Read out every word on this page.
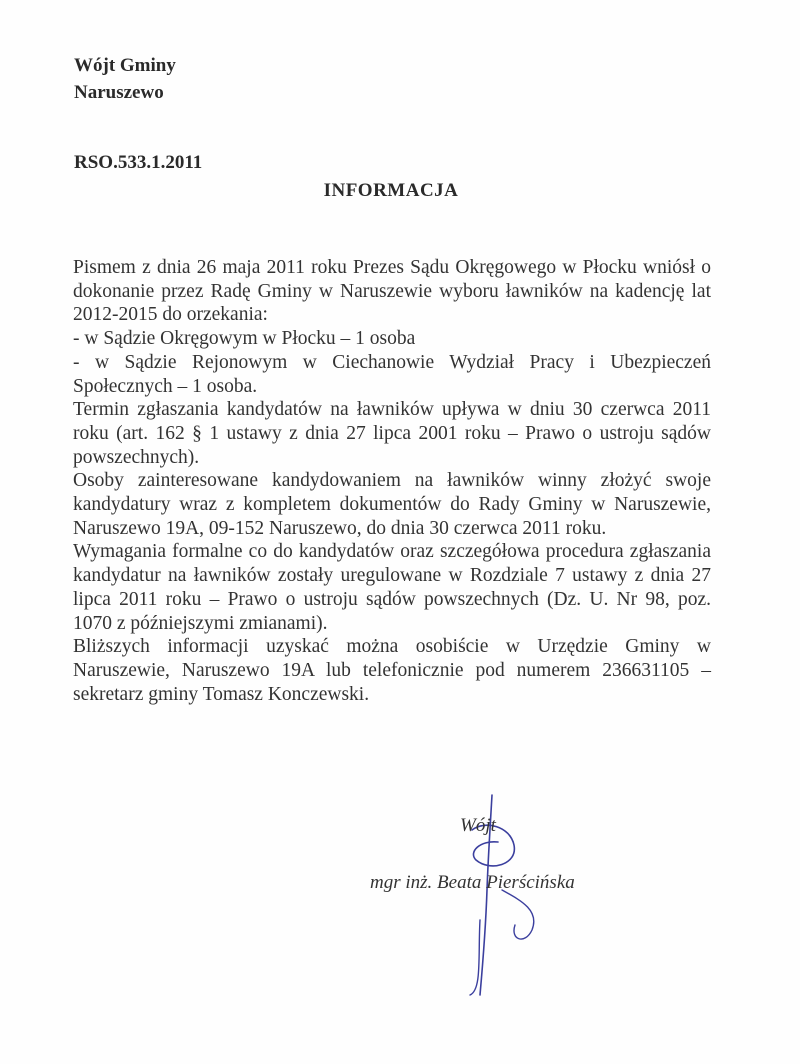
Wójt Gminy
Naruszewo
RSO.533.1.2011
INFORMACJA

Pismem z dnia 26 maja 2011 roku Prezes Sądu Okręgowego w Płocku wniósł o dokonanie przez Radę Gminy w Naruszewie wyboru ławników na kadencję lat 2012-2015 do orzekania:

- w Sądzie Okręgowym w Płocku – 1 osoba

- w Sądzie Rejonowym w Ciechanowie Wydział Pracy i Ubezpieczeń Społecznych – 1 osoba.

Termin zgłaszania kandydatów na ławników upływa w dniu 30 czerwca 2011 roku (art. 162 § 1 ustawy z dnia 27 lipca 2001 roku – Prawo o ustroju sądów powszechnych).

Osoby zainteresowane kandydowaniem na ławników winny złożyć swoje kandydatury wraz z kompletem dokumentów do Rady Gminy w Naruszewie, Naruszewo 19A, 09-152 Naruszewo, do dnia 30 czerwca 2011 roku.

Wymagania formalne co do kandydatów oraz szczegółowa procedura zgłaszania kandydatur na ławników zostały uregulowane w Rozdziale 7 ustawy z dnia 27 lipca 2011 roku – Prawo o ustroju sądów powszechnych (Dz. U. Nr 98, poz. 1070 z późniejszymi zmianami).

Bliższych informacji uzyskać można osobiście w Urzędzie Gminy w Naruszewie, Naruszewo 19A lub telefonicznie pod numerem 236631105 – sekretarz gminy Tomasz Konczewski.

Wójt
mgr inż. Beata Pierścińska
